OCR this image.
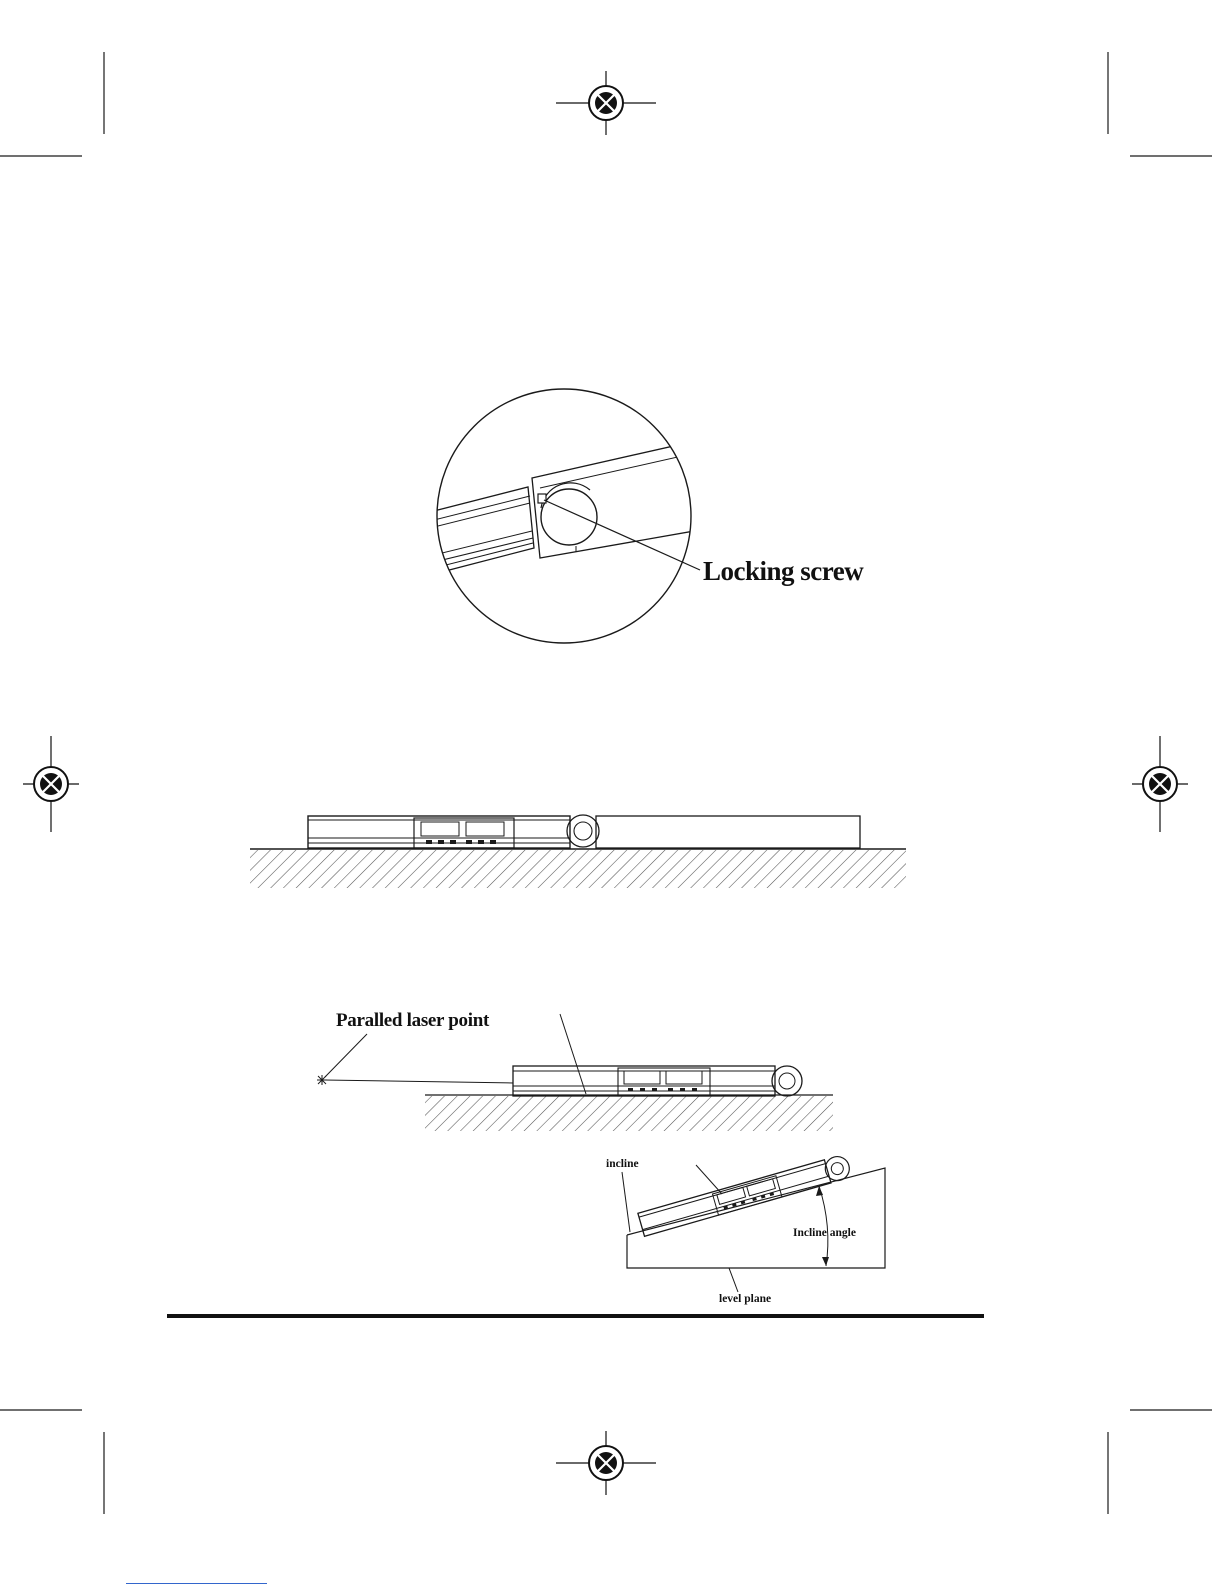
Locking screw
Paralled laser point
incline
Incline angle
level plane
